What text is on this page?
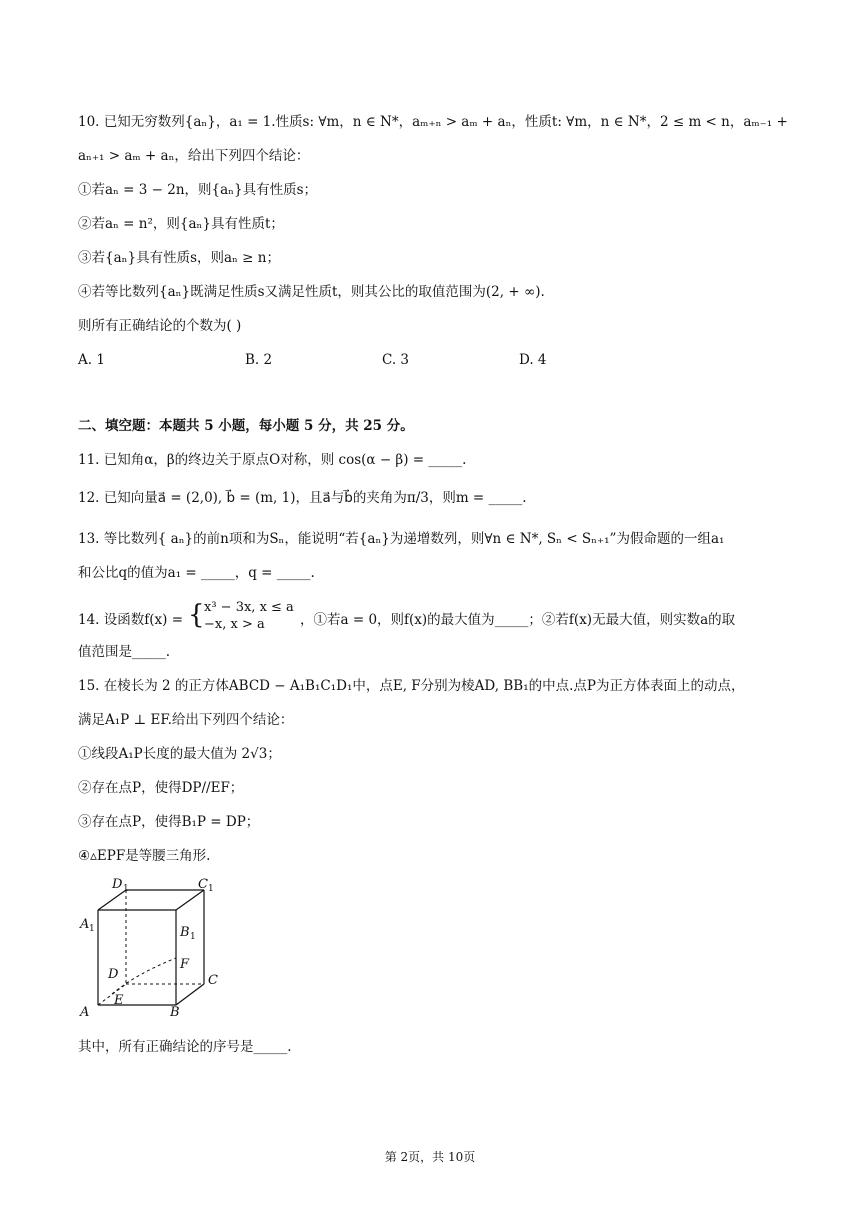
10. 已知无穷数列{aₙ}，a₁ = 1.性质s: ∀m，n ∈ N*，aₘ₊ₙ > aₘ + aₙ，性质t: ∀m，n ∈ N*，2 ≤ m < n，aₘ₋₁ +
aₙ₊₁ > aₘ + aₙ，给出下列四个结论：
①若aₙ = 3 − 2n，则{aₙ}具有性质s；
②若aₙ = n²，则{aₙ}具有性质t；
③若{aₙ}具有性质s，则aₙ ≥ n；
④若等比数列{aₙ}既满足性质s又满足性质t，则其公比的取值范围为(2, + ∞).
则所有正确结论的个数为( )
A. 1	B. 2	C. 3	D. 4
二、填空题：本题共 5 小题，每小题 5 分，共 25 分。
11. 已知角α，β的终边关于原点O对称，则 cos(α − β) = _____.
12. 已知向量a⃗ = (2,0), b⃗ = (m, 1)，且a⃗与b⃗的夹角为π/3，则m = _____.
13. 等比数列{ aₙ}的前n项和为Sₙ，能说明“若{aₙ}为递增数列，则∀n ∈ N*, Sₙ < Sₙ₊₁”为假命题的一组a₁
和公比q的值为a₁ = _____，q = _____.
14. 设函数f(x) = { x³ − 3x, x ≤ a
−x, x > a	，①若a = 0，则f(x)的最大值为_____；②若f(x)无最大值，则实数a的取
值范围是_____.
15. 在棱长为 2 的正方体ABCD − A₁B₁C₁D₁中，点E, F分别为棱AD, BB₁的中点.点P为正方体表面上的动点，
满足A₁P ⊥ EF.给出下列四个结论：
①线段A₁P长度的最大值为 2√3；
②存在点P，使得DP//EF；
③存在点P，使得B₁P = DP；
④▵EPF是等腰三角形.
D 1	C 1
A 1	B 1
D
F
C
E
A	B
其中，所有正确结论的序号是_____.
第 2页，共 10页
